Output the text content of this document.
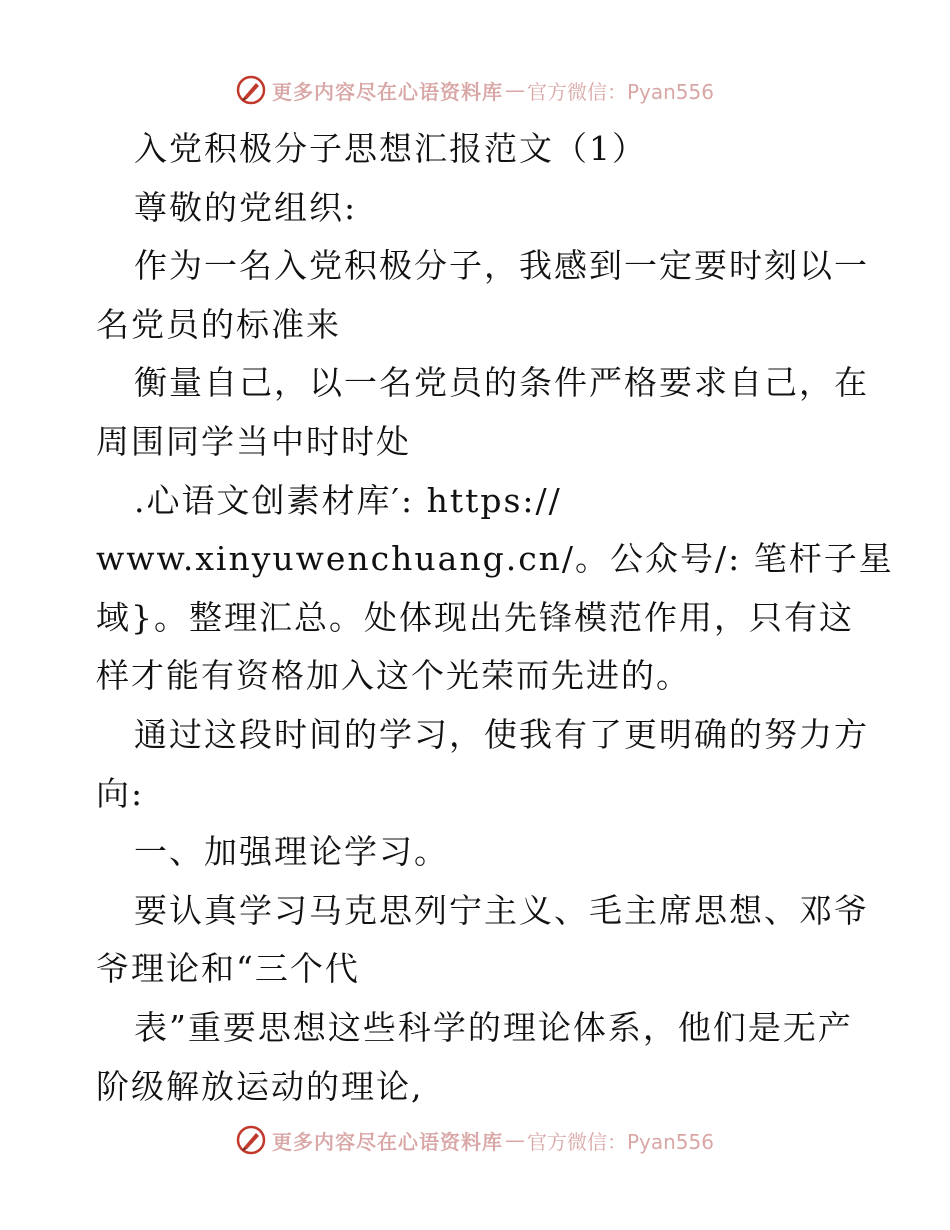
更多内容尽在心语资料库 — 官方微信：Pyan556
入党积极分子思想汇报范文（1）
尊敬的党组织:
作为一名入党积极分子，我感到一定要时刻以一
名党员的标准来
衡量自己，以一名党员的条件严格要求自己，在
周围同学当中时时处
.心语文创素材库′: https://
www.xinyuwenchuang.cn/。公众号/: 笔杆子星
域}。整理汇总。处体现出先锋模范作用，只有这
样才能有资格加入这个光荣而先进的。
通过这段时间的学习，使我有了更明确的努力方
向:
一、加强理论学习。
要认真学习马克思列宁主义、毛主席思想、邓爷
爷理论和“三个代
表”重要思想这些科学的理论体系，他们是无产
阶级解放运动的理论,
更多内容尽在心语资料库 — 官方微信：Pyan556
